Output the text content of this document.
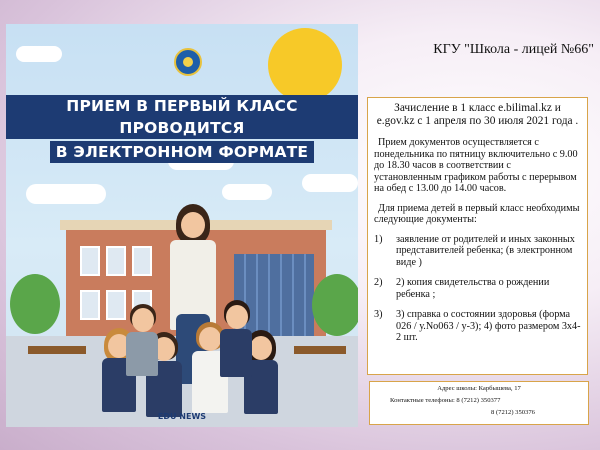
ПРИЕМ В ПЕРВЫЙ КЛАСС ПРОВОДИТСЯ
В ЭЛЕКТРОННОМ ФОРМАТЕ
EDU NEWS
КГУ "Школа - лицей №66"

Зачисление в 1 класс e.bilimal.kz и e.gov.kz с 1 апреля по 30 июля 2021 года .

Прием документов осуществляется с понедельника по пятницу включительно с 9.00 до 18.30 часов в соответствии с установленным графиком работы с перерывом на обед с 13.00 до 14.00 часов.

Для приема детей в первый класс необходимы следующие документы:

1) заявление от родителей и иных законных представителей ребенка; (в электронном виде )
2) 2) копия свидетельства о рождении ребенка ;
3) 3) справка о состоянии здоровья (форма 026 / у.No063 / у-3); 4) фото размером 3х4-2 шт.
Адрес школы: Карбышева, 17
Контактные телефоны: 8 (7212) 350377
8 (7212) 350376
